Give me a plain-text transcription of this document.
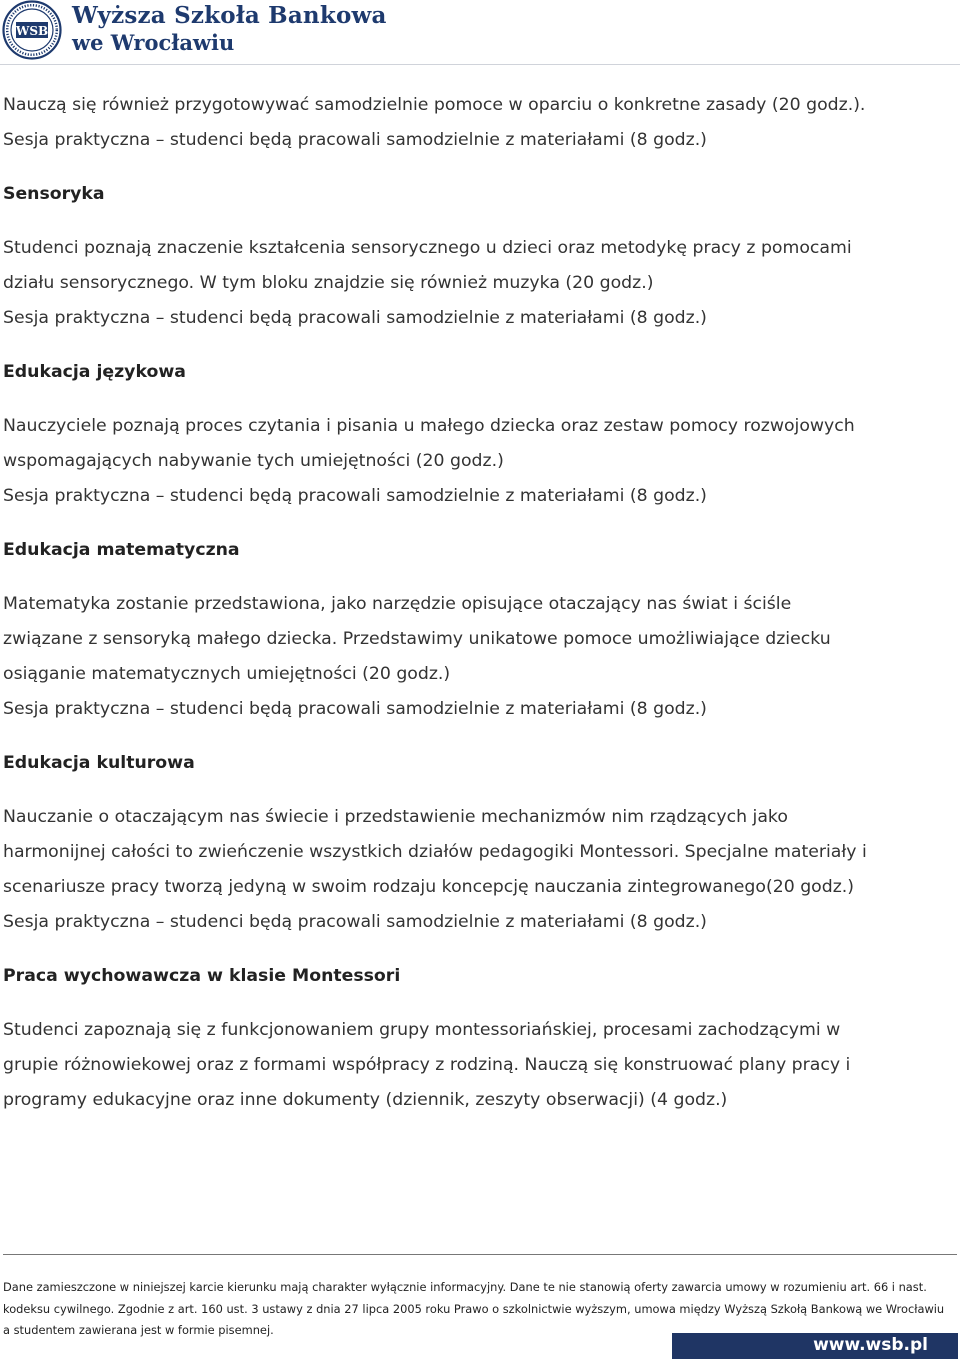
WSB
Wyższa Szkoła Bankowa
we Wrocławiu
Nauczą się również przygotowywać samodzielnie pomoce w oparciu o konkretne zasady (20 godz.).
Sesja praktyczna – studenci będą pracowali samodzielnie z materiałami (8 godz.)
Sensoryka
Studenci poznają znaczenie kształcenia sensorycznego u dzieci oraz metodykę pracy z pomocami
działu sensorycznego. W tym bloku znajdzie się również muzyka (20 godz.)
Sesja praktyczna – studenci będą pracowali samodzielnie z materiałami (8 godz.)
Edukacja językowa
Nauczyciele poznają proces czytania i pisania u małego dziecka oraz zestaw pomocy rozwojowych
wspomagających nabywanie tych umiejętności (20 godz.)
Sesja praktyczna – studenci będą pracowali samodzielnie z materiałami (8 godz.)
Edukacja matematyczna
Matematyka zostanie przedstawiona, jako narzędzie opisujące otaczający nas świat i ściśle
związane z sensoryką małego dziecka. Przedstawimy unikatowe pomoce umożliwiające dziecku
osiąganie matematycznych umiejętności (20 godz.)
Sesja praktyczna – studenci będą pracowali samodzielnie z materiałami (8 godz.)
Edukacja kulturowa
Nauczanie o otaczającym nas świecie i przedstawienie mechanizmów nim rządzących jako
harmonijnej całości to zwieńczenie wszystkich działów pedagogiki Montessori. Specjalne materiały i
scenariusze pracy tworzą jedyną w swoim rodzaju koncepcję nauczania zintegrowanego(20 godz.)
Sesja praktyczna – studenci będą pracowali samodzielnie z materiałami (8 godz.)
Praca wychowawcza w klasie Montessori
Studenci zapoznają się z funkcjonowaniem grupy montessoriańskiej, procesami zachodzącymi w
grupie różnowiekowej oraz z formami współpracy z rodziną. Nauczą się konstruować plany pracy i
programy edukacyjne oraz inne dokumenty (dziennik, zeszyty obserwacji) (4 godz.)
Dane zamieszczone w niniejszej karcie kierunku mają charakter wyłącznie informacyjny. Dane te nie stanowią oferty zawarcia umowy w rozumieniu art. 66 i nast.
kodeksu cywilnego. Zgodnie z art. 160 ust. 3 ustawy z dnia 27 lipca 2005 roku Prawo o szkolnictwie wyższym, umowa między Wyższą Szkołą Bankową we Wrocławiu
a studentem zawierana jest w formie pisemnej.
www.wsb.pl
